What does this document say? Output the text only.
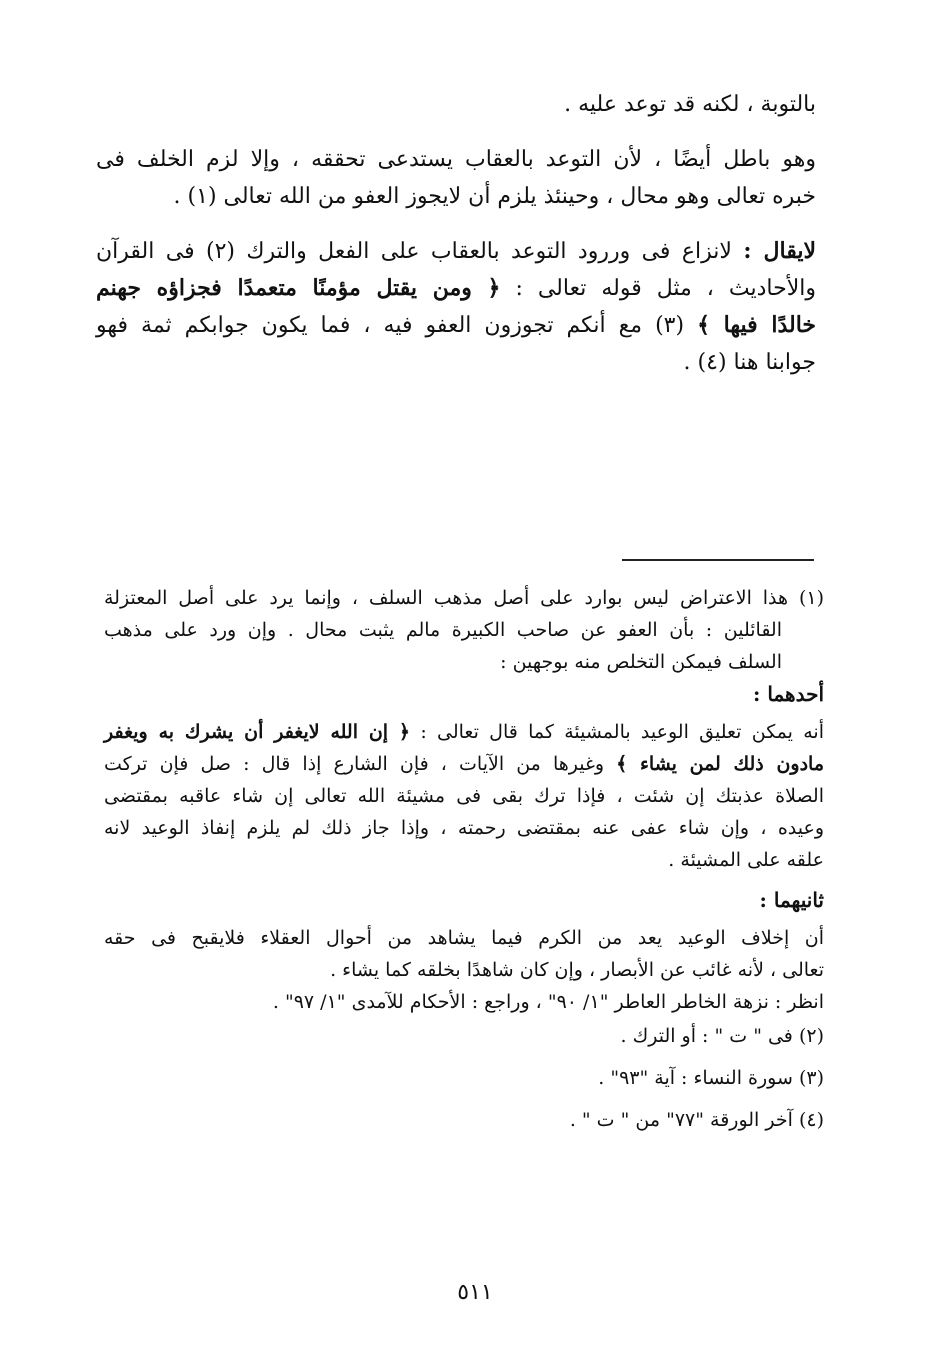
بالتوبة ، لكنه قد توعد عليه .
وهو باطل أيضًا ، لأن التوعد بالعقاب يستدعى تحققه ، وإلا لزم الخلف فى
خبره تعالى وهو محال ، وحينئذ يلزم أن لايجوز العفو من الله تعالى (١) .
لايقال : لانزاع فى وررود التوعد بالعقاب على الفعل والترك (٢) فى القرآن
والأحاديث ، مثل قوله تعالى : ﴿ ومن يقتل مؤمنًا متعمدًا فجزاؤه جهنم
خالدًا فيها ﴾ (٣) مع أنكم تجوزون العفو فيه ، فما يكون جوابكم ثمة فهو
جوابنا هنا (٤) .
(١) هذا الاعتراض ليس بوارد على أصل مذهب السلف ، وإنما يرد على أصل المعتزلة
القائلين : بأن العفو عن صاحب الكبيرة مالم يثبت محال . وإن ورد على مذهب
السلف فيمكن التخلص منه بوجهين :
أحدهما :
أنه يمكن تعليق الوعيد بالمشيئة كما قال تعالى : ﴿ إن الله لايغفر أن يشرك به ويغفر
مادون ذلك لمن يشاء ﴾ وغيرها من الآيات ، فإن الشارع إذا قال : صل فإن تركت
الصلاة عذبتك إن شئت ، فإذا ترك بقى فى مشيئة الله تعالى إن شاء عاقبه بمقتضى
وعيده ، وإن شاء عفى عنه بمقتضى رحمته ، وإذا جاز ذلك لم يلزم إنفاذ الوعيد لانه
علقه على المشيئة .
ثانيهما :
أن إخلاف الوعيد يعد من الكرم فيما يشاهد من أحوال العقلاء فلايقبح فى حقه
تعالى ، لأنه غائب عن الأبصار ، وإن كان شاهدًا بخلقه كما يشاء .
انظر : نزهة الخاطر العاطر "١/ ٩٠" ، وراجع : الأحكام للآمدى "١/ ٩٧" .
(٢) فى " ت " : أو الترك .
(٣) سورة النساء : آية "٩٣" .
(٤) آخر الورقة "٧٧" من " ت " .
٥١١
